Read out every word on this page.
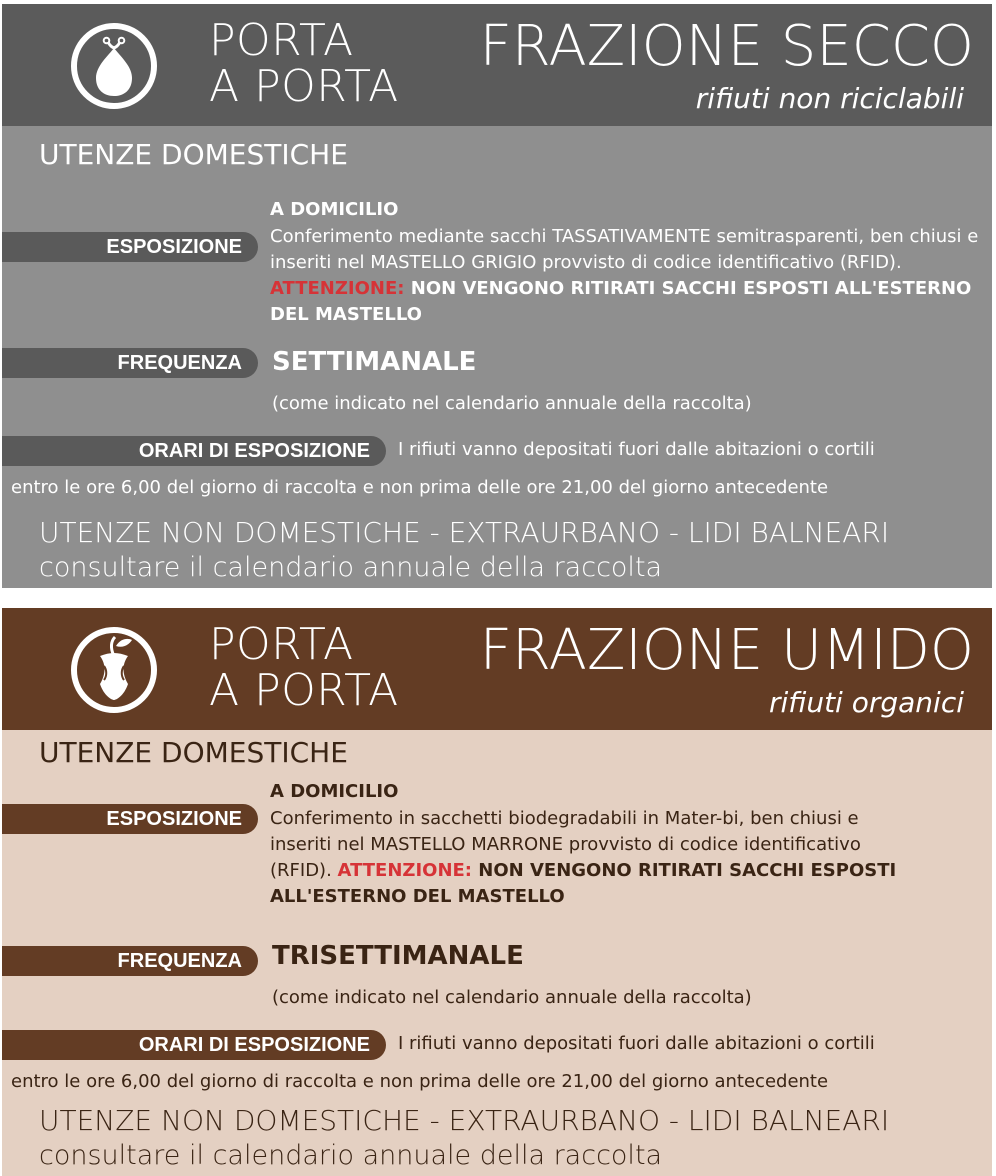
PORTA
A PORTA
FRAZIONE SECCO
rifiuti non riciclabili
UTENZE DOMESTICHE
A DOMICILIO
ESPOSIZIONE	Conferimento mediante sacchi TASSATIVAMENTE semitrasparenti, ben chiusi e inseriti nel MASTELLO GRIGIO provvisto di codice identificativo (RFID). ATTENZIONE: NON VENGONO RITIRATI SACCHI ESPOSTI ALL'ESTERNO DEL MASTELLO
FREQUENZA	SETTIMANALE
(come indicato nel calendario annuale della raccolta)
ORARI DI ESPOSIZIONE	I rifiuti vanno depositati fuori dalle abitazioni o cortili
entro le ore 6,00 del giorno di raccolta e non prima delle ore 21,00 del giorno antecedente
UTENZE NON DOMESTICHE - EXTRAURBANO - LIDI BALNEARI
consultare il calendario annuale della raccolta
PORTA
A PORTA
FRAZIONE UMIDO
rifiuti organici
UTENZE DOMESTICHE
A DOMICILIO
ESPOSIZIONE	Conferimento in sacchetti biodegradabili in Mater-bi, ben chiusi e inseriti nel MASTELLO MARRONE provvisto di codice identificativo (RFID). ATTENZIONE: NON VENGONO RITIRATI SACCHI ESPOSTI ALL'ESTERNO DEL MASTELLO
FREQUENZA	TRISETTIMANALE
(come indicato nel calendario annuale della raccolta)
ORARI DI ESPOSIZIONE	I rifiuti vanno depositati fuori dalle abitazioni o cortili
entro le ore 6,00 del giorno di raccolta e non prima delle ore 21,00 del giorno antecedente
UTENZE NON DOMESTICHE - EXTRAURBANO - LIDI BALNEARI
consultare il calendario annuale della raccolta
